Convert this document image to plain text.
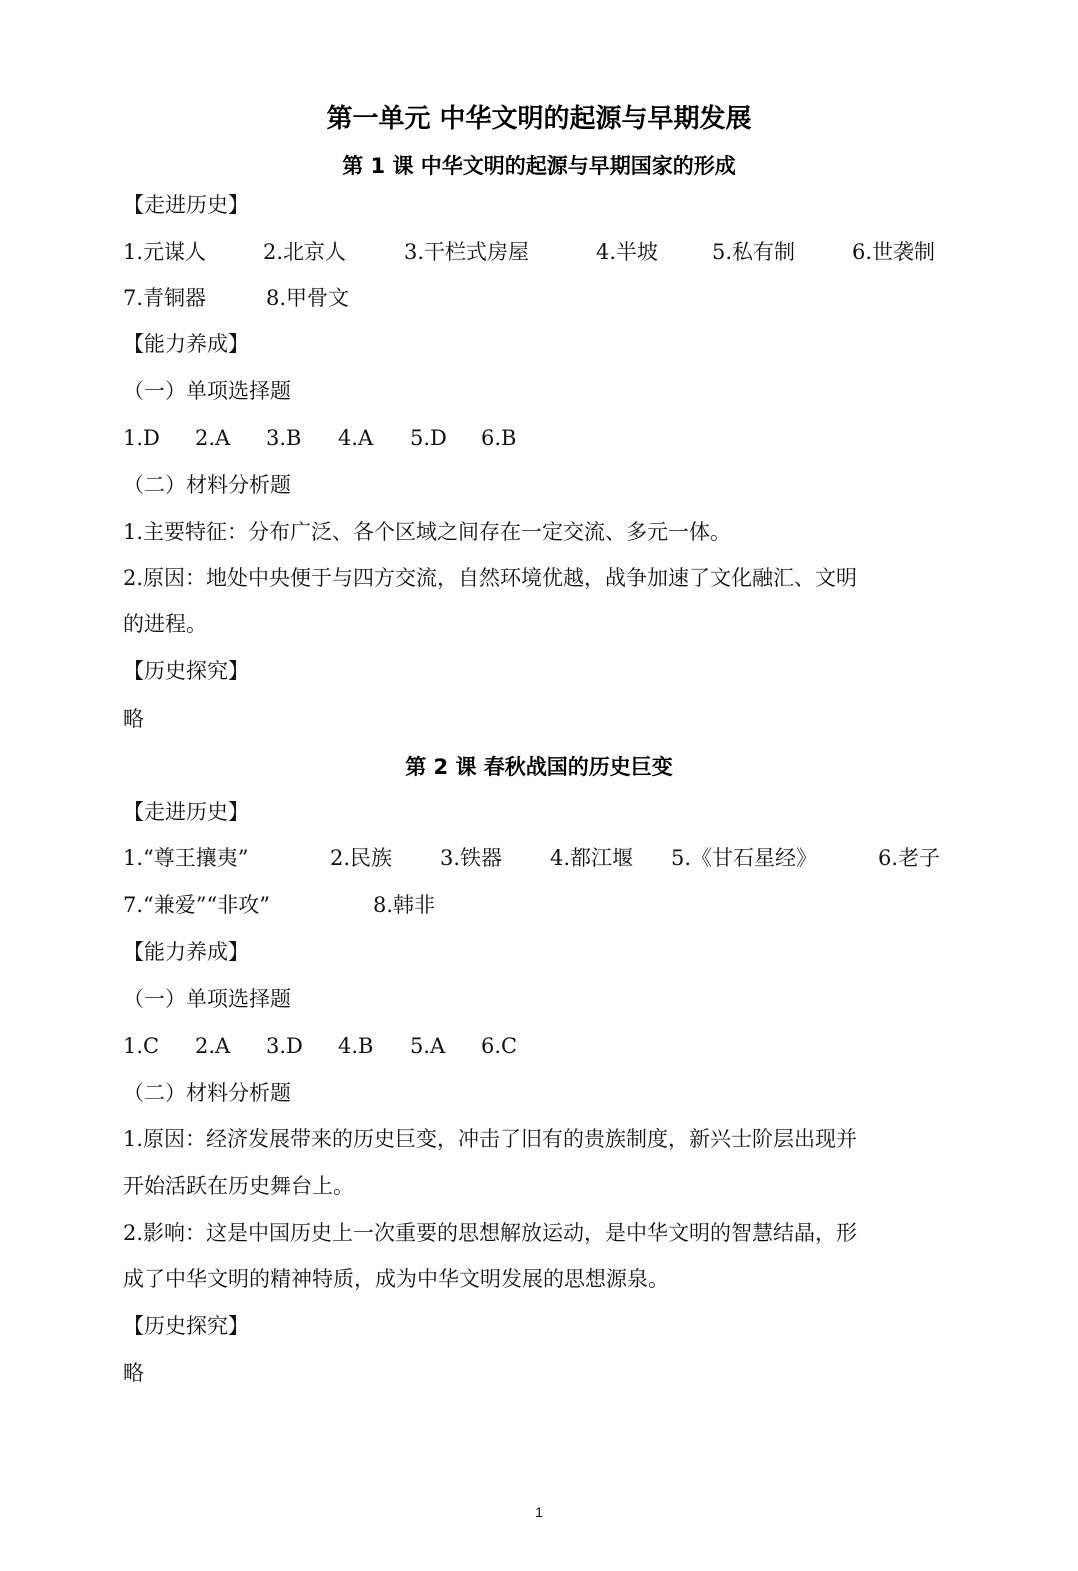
第一单元 中华文明的起源与早期发展
第 1 课 中华文明的起源与早期国家的形成
【走进历史】
1.元谋人	2.北京人	3.干栏式房屋	4.半坡	5.私有制	6.世袭制
7.青铜器	8.甲骨文
【能力养成】
（一）单项选择题
1.D 2.A 3.B 4.A 5.D 6.B
（二）材料分析题
1.主要特征：分布广泛、各个区域之间存在一定交流、多元一体。
2.原因：地处中央便于与四方交流，自然环境优越，战争加速了文化融汇、文明
的进程。
【历史探究】
略
第 2 课 春秋战国的历史巨变
【走进历史】
1.“尊王攘夷”	2.民族 3.铁器 4.都江堰 5.《甘石星经》	6.老子
7.“兼爱”“非攻”	8.韩非
【能力养成】
（一）单项选择题
1.C 2.A 3.D 4.B 5.A 6.C
（二）材料分析题
1.原因：经济发展带来的历史巨变，冲击了旧有的贵族制度，新兴士阶层出现并
开始活跃在历史舞台上。
2.影响：这是中国历史上一次重要的思想解放运动，是中华文明的智慧结晶，形
成了中华文明的精神特质，成为中华文明发展的思想源泉。
【历史探究】
略
1
